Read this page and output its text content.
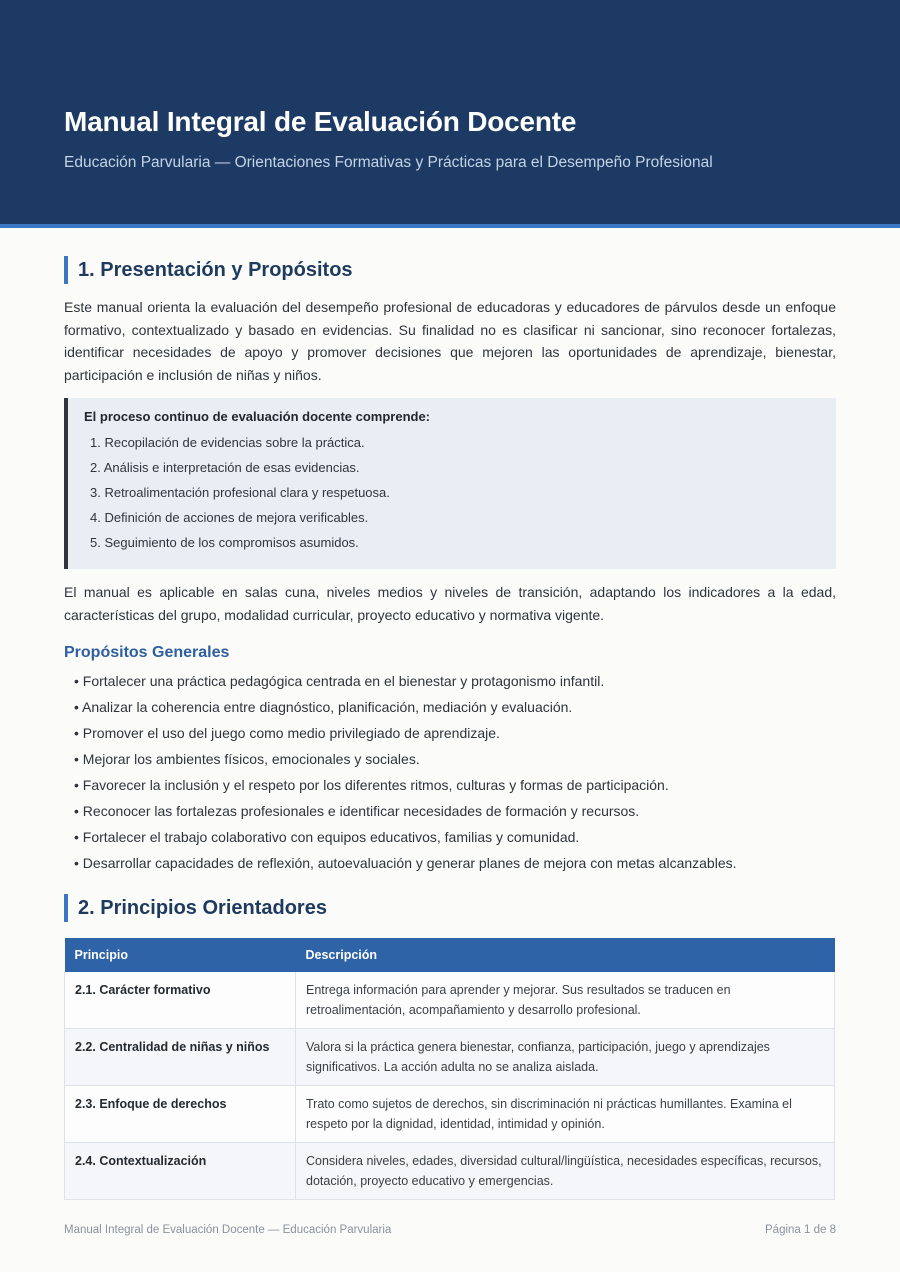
Manual Integral de Evaluación Docente
Educación Parvularia — Orientaciones Formativas y Prácticas para el Desempeño Profesional
1. Presentación y Propósitos

Este manual orienta la evaluación del desempeño profesional de educadoras y educadores de párvulos desde un enfoque formativo, contextualizado y basado en evidencias. Su finalidad no es clasificar ni sancionar, sino reconocer fortalezas, identificar necesidades de apoyo y promover decisiones que mejoren las oportunidades de aprendizaje, bienestar, participación e inclusión de niñas y niños.

El proceso continuo de evaluación docente comprende:
1. Recopilación de evidencias sobre la práctica.
2. Análisis e interpretación de esas evidencias.
3. Retroalimentación profesional clara y respetuosa.
4. Definición de acciones de mejora verificables.
5. Seguimiento de los compromisos asumidos.

El manual es aplicable en salas cuna, niveles medios y niveles de transición, adaptando los indicadores a la edad, características del grupo, modalidad curricular, proyecto educativo y normativa vigente.

Propósitos Generales
• Fortalecer una práctica pedagógica centrada en el bienestar y protagonismo infantil.
• Analizar la coherencia entre diagnóstico, planificación, mediación y evaluación.
• Promover el uso del juego como medio privilegiado de aprendizaje.
• Mejorar los ambientes físicos, emocionales y sociales.
• Favorecer la inclusión y el respeto por los diferentes ritmos, culturas y formas de participación.
• Reconocer las fortalezas profesionales e identificar necesidades de formación y recursos.
• Fortalecer el trabajo colaborativo con equipos educativos, familias y comunidad.
• Desarrollar capacidades de reflexión, autoevaluación y generar planes de mejora con metas alcanzables.
2. Principios Orientadores
Principio	Descripción
2.1. Carácter formativo	Entrega información para aprender y mejorar. Sus resultados se traducen en retroalimentación, acompañamiento y desarrollo profesional.
2.2. Centralidad de niñas y niños	Valora si la práctica genera bienestar, confianza, participación, juego y aprendizajes significativos. La acción adulta no se analiza aislada.
2.3. Enfoque de derechos	Trato como sujetos de derechos, sin discriminación ni prácticas humillantes. Examina el respeto por la dignidad, identidad, intimidad y opinión.
2.4. Contextualización	Considera niveles, edades, diversidad cultural/lingüística, necesidades específicas, recursos, dotación, proyecto educativo y emergencias.
Manual Integral de Evaluación Docente — Educación Parvularia	Página 1 de 8
